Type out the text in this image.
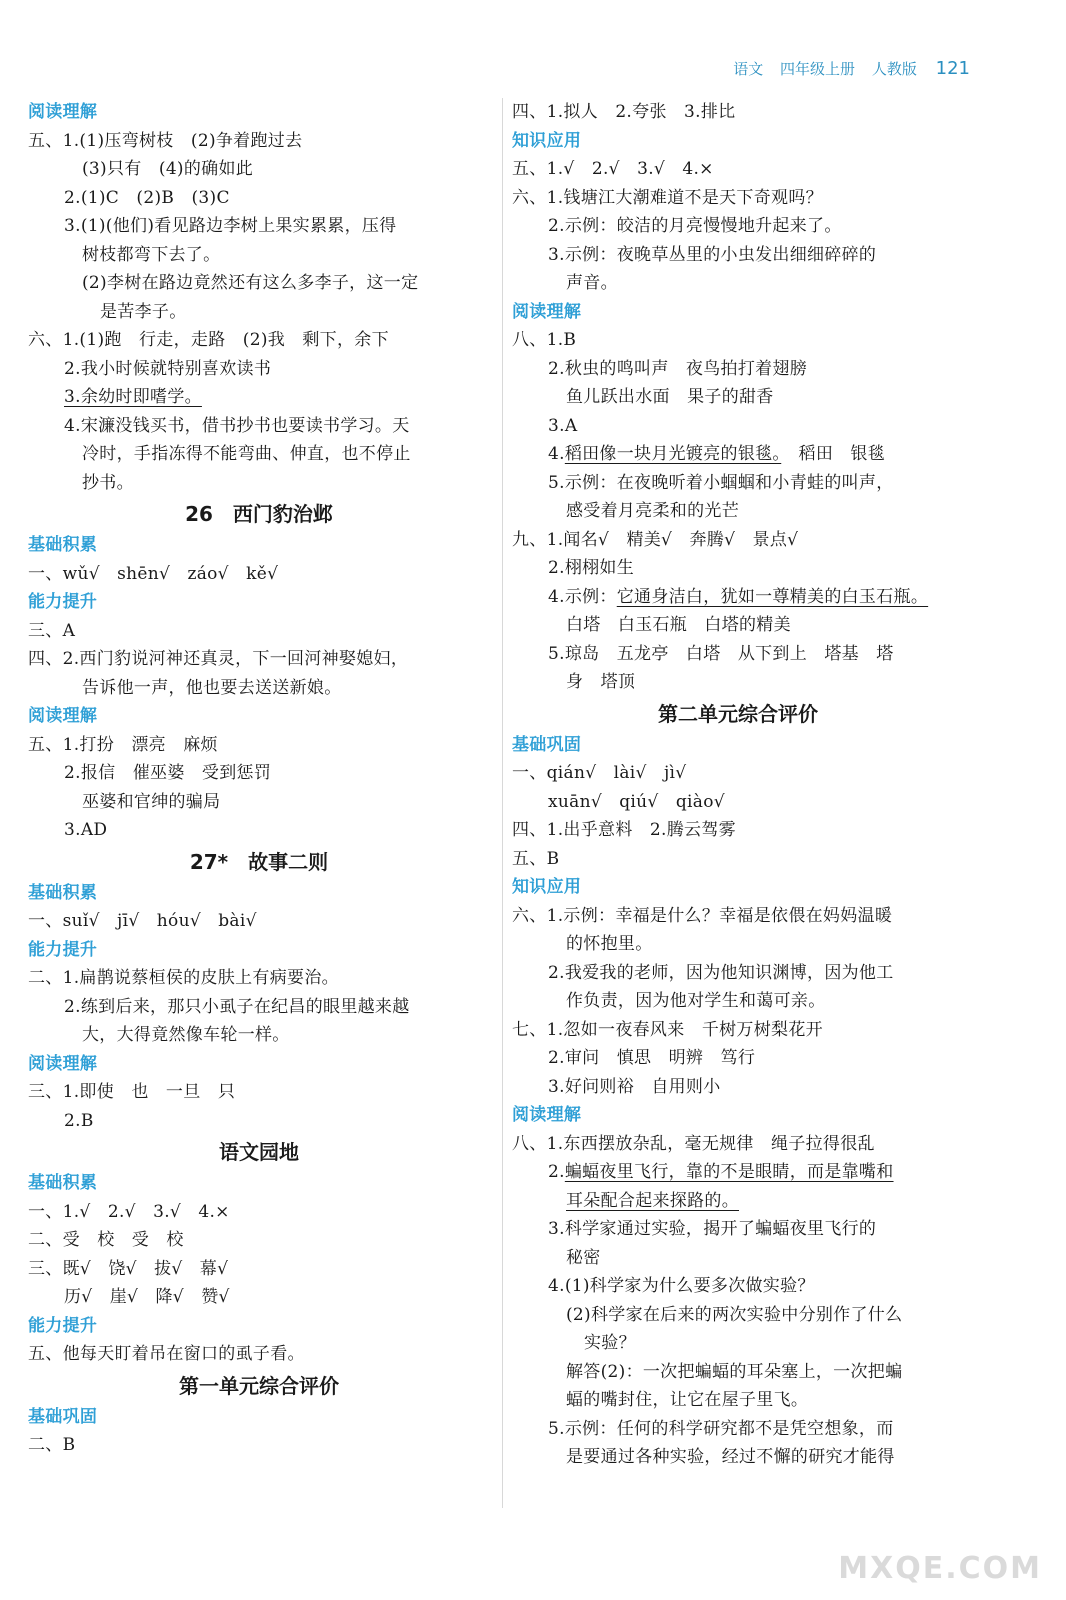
语文 四年级上册 人教版 121
阅读理解
五、1.(1)压弯树枝　(2)争着跑过去
(3)只有　(4)的确如此
2.(1)C　(2)B　(3)C
3.(1)(他们)看见路边李树上果实累累，压得
树枝都弯下去了。
(2)李树在路边竟然还有这么多李子，这一定
是苦李子。
六、1.(1)跑　行走，走路　(2)我　剩下，余下
2.我小时候就特别喜欢读书
3.余幼时即嗜学。
4.宋濂没钱买书，借书抄书也要读书学习。天
冷时，手指冻得不能弯曲、伸直，也不停止
抄书。
26　西门豹治邺
基础积累
一、wǔ√　shēn√　záo√　kě√
能力提升
三、A
四、2.西门豹说河神还真灵，下一回河神娶媳妇，
告诉他一声，他也要去送送新娘。
阅读理解
五、1.打扮　漂亮　麻烦
2.报信　催巫婆　受到惩罚
巫婆和官绅的骗局
3.AD
27*　故事二则
基础积累
一、suǐ√　jī√　hóu√　bài√
能力提升
二、1.扁鹊说蔡桓侯的皮肤上有病要治。
2.练到后来，那只小虱子在纪昌的眼里越来越
大，大得竟然像车轮一样。
阅读理解
三、1.即使　也　一旦　只
2.B
语文园地
基础积累
一、1.√　2.√　3.√　4.×
二、受　校　受　校
三、既√　饶√　拔√　幕√
历√　崖√　降√　赞√
能力提升
五、他每天盯着吊在窗口的虱子看。
第一单元综合评价
基础巩固
二、B
四、1.拟人　2.夸张　3.排比
知识应用
五、1.√　2.√　3.√　4.×
六、1.钱塘江大潮难道不是天下奇观吗？
2.示例：皎洁的月亮慢慢地升起来了。
3.示例：夜晚草丛里的小虫发出细细碎碎的
声音。
阅读理解
八、1.B
2.秋虫的鸣叫声　夜鸟拍打着翅膀
鱼儿跃出水面　果子的甜香
3.A
4.稻田像一块月光镀亮的银毯。　稻田　银毯
5.示例：在夜晚听着小蝈蝈和小青蛙的叫声，
感受着月亮柔和的光芒
九、1.闻名√　精美√　奔腾√　景点√
2.栩栩如生
4.示例：它通身洁白，犹如一尊精美的白玉石瓶。
白塔　白玉石瓶　白塔的精美
5.琼岛　五龙亭　白塔　从下到上　塔基　塔
身　塔顶
第二单元综合评价
基础巩固
一、qián√　lài√　jì√
xuān√　qiú√　qiào√
四、1.出乎意料　2.腾云驾雾
五、B
知识应用
六、1.示例：幸福是什么？幸福是依偎在妈妈温暖
的怀抱里。
2.我爱我的老师，因为他知识渊博，因为他工
作负责，因为他对学生和蔼可亲。
七、1.忽如一夜春风来　千树万树梨花开
2.审问　慎思　明辨　笃行
3.好问则裕　自用则小
阅读理解
八、1.东西摆放杂乱，毫无规律　绳子拉得很乱
2.蝙蝠夜里飞行，靠的不是眼睛，而是靠嘴和
耳朵配合起来探路的。
3.科学家通过实验，揭开了蝙蝠夜里飞行的
秘密
4.(1)科学家为什么要多次做实验？
(2)科学家在后来的两次实验中分别作了什么
实验？
解答(2)：一次把蝙蝠的耳朵塞上，一次把蝙
蝠的嘴封住，让它在屋子里飞。
5.示例：任何的科学研究都不是凭空想象，而
是要通过各种实验，经过不懈的研究才能得
MXQE.COM
